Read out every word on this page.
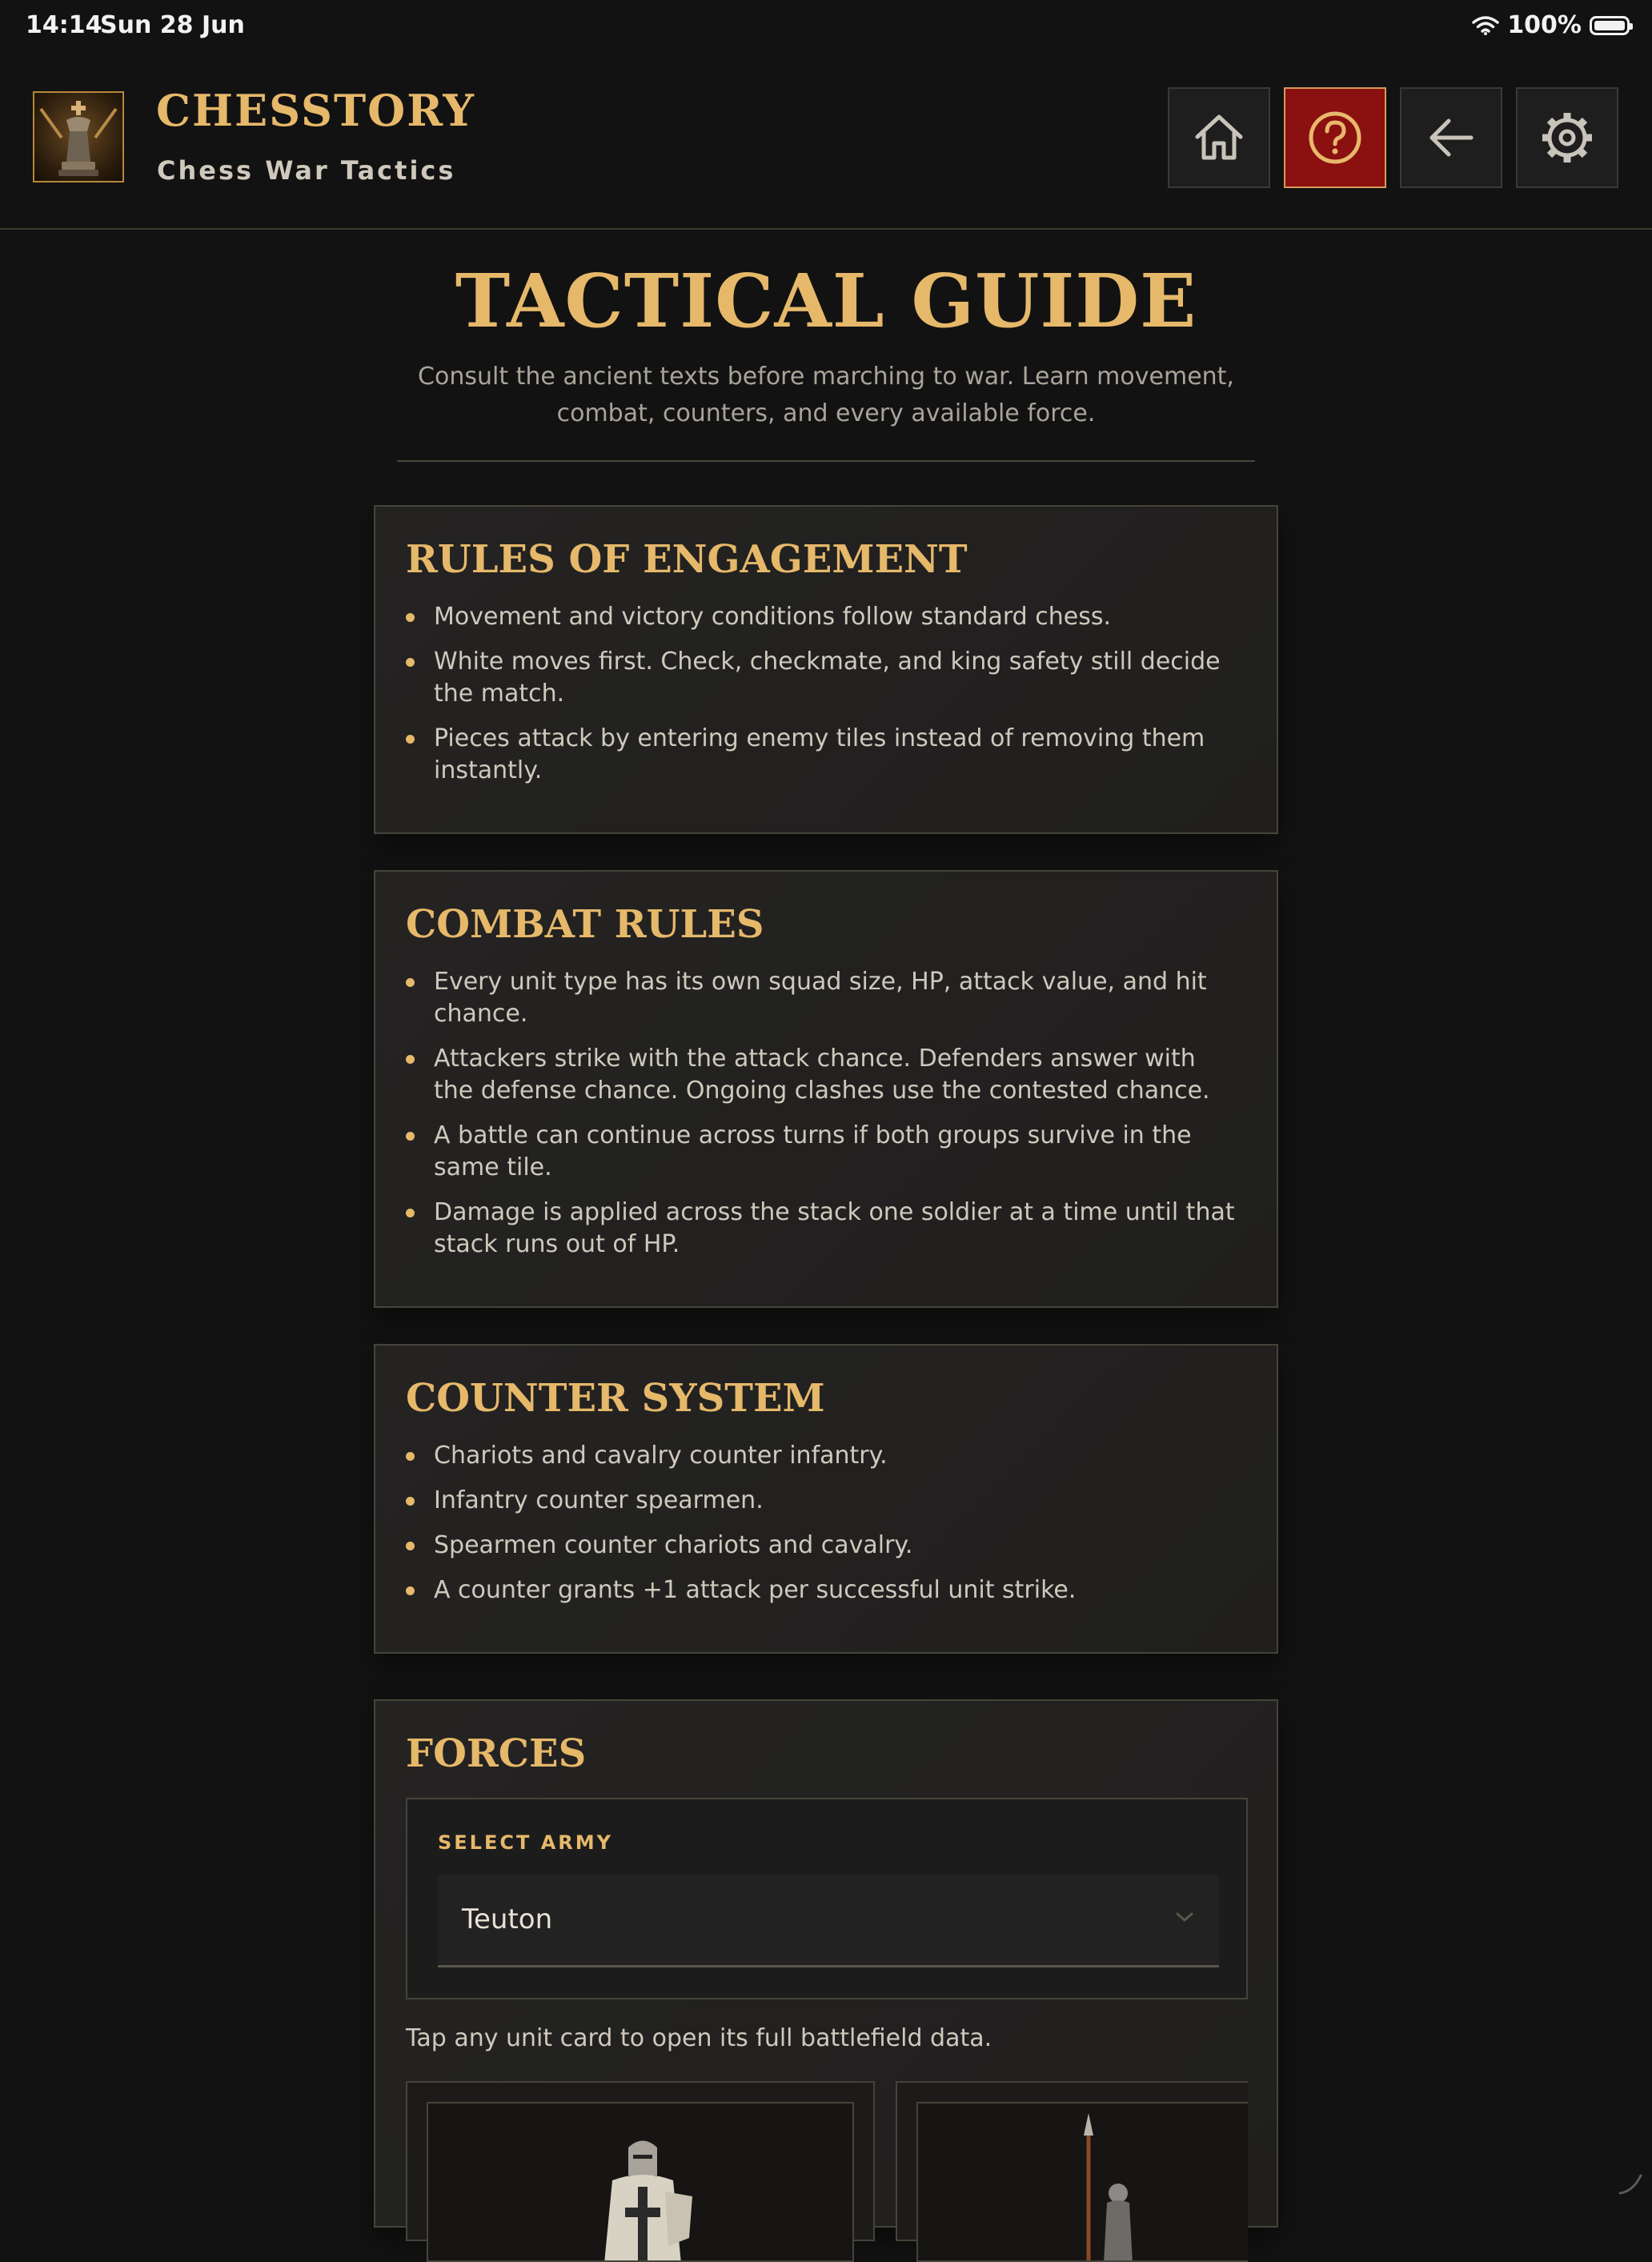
14:14
Sun 28 Jun	100%
CHESSTORY
Chess War Tactics
TACTICAL GUIDE
Consult the ancient texts before marching to war. Learn movement, combat, counters, and every available force.
RULES OF ENGAGEMENT
Movement and victory conditions follow standard chess.
White moves first. Check, checkmate, and king safety still decide the match.
Pieces attack by entering enemy tiles instead of removing them instantly.
COMBAT RULES
Every unit type has its own squad size, HP, attack value, and hit chance.
Attackers strike with the attack chance. Defenders answer with the defense chance. Ongoing clashes use the contested chance.
A battle can continue across turns if both groups survive in the same tile.
Damage is applied across the stack one soldier at a time until that stack runs out of HP.
COUNTER SYSTEM
Chariots and cavalry counter infantry.
Infantry counter spearmen.
Spearmen counter chariots and cavalry.
A counter grants +1 attack per successful unit strike.
FORCES
SELECT ARMY
Teuton
Tap any unit card to open its full battlefield data.
